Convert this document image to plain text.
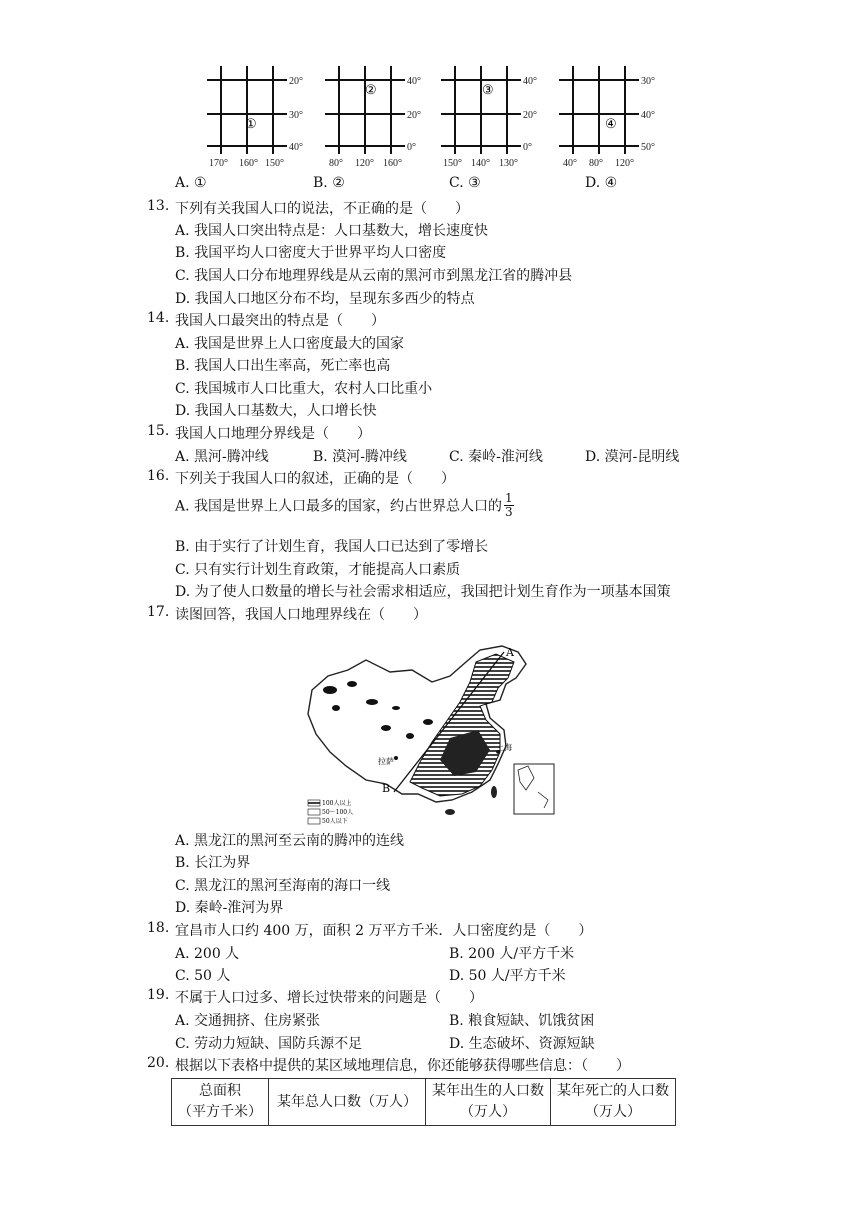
20°
30°
40°
170° 160° 150°
①
40°
20°
0°
80° 120° 160°
②
40°
20°
0°
150° 140° 130°
③
30°
40°
50°
40° 80° 120°
④
A. ①	B. ②	C. ③	D. ④
13. 下列有关我国人口的说法，不正确的是（　　）
A. 我国人口突出特点是：人口基数大，增长速度快
B. 我国平均人口密度大于世界平均人口密度
C. 我国人口分布地理界线是从云南的黑河市到黑龙江省的腾冲县
D. 我国人口地区分布不均，呈现东多西少的特点
14. 我国人口最突出的特点是（　　）
A. 我国是世界上人口密度最大的国家
B. 我国人口出生率高，死亡率也高
C. 我国城市人口比重大，农村人口比重小
D. 我国人口基数大，人口增长快
15. 我国人口地理分界线是（　　）
A. 黑河-腾冲线	B. 漠河-腾冲线	C. 秦岭-淮河线	D. 漠河-昆明线
16. 下列关于我国人口的叙述，正确的是（　　）
A. 我国是世界上人口最多的国家，约占世界总人口的 $\frac{1}{3}$
B. 由于实行了计划生育，我国人口已达到了零增长
C. 只有实行计划生育政策，才能提高人口素质
D. 为了使人口数量的增长与社会需求相适应，我国把计划生育作为一项基本国策
17. 读图回答，我国人口地理界线在（　　）
A
B
拉萨
上海
100人以上
50～100人
50人以下
A. 黑龙江的黑河至云南的腾冲的连线
B. 长江为界
C. 黑龙江的黑河至海南的海口一线
D. 秦岭-淮河为界
18. 宜昌市人口约 400 万，面积 2 万平方千米．人口密度约是（　　）
A. 200 人	B. 200 人/平方千米
C. 50 人	D. 50 人/平方千米
19. 不属于人口过多、增长过快带来的问题是（　　）
A. 交通拥挤、住房紧张	B. 粮食短缺、饥饿贫困
C. 劳动力短缺、国防兵源不足	D. 生态破坏、资源短缺
20. 根据以下表格中提供的某区域地理信息，你还能够获得哪些信息：（　　）
总面积
（平方千米）

某年总人口数（万人）

某年出生的人口数
（万人）

某年死亡的人口数
（万人）
